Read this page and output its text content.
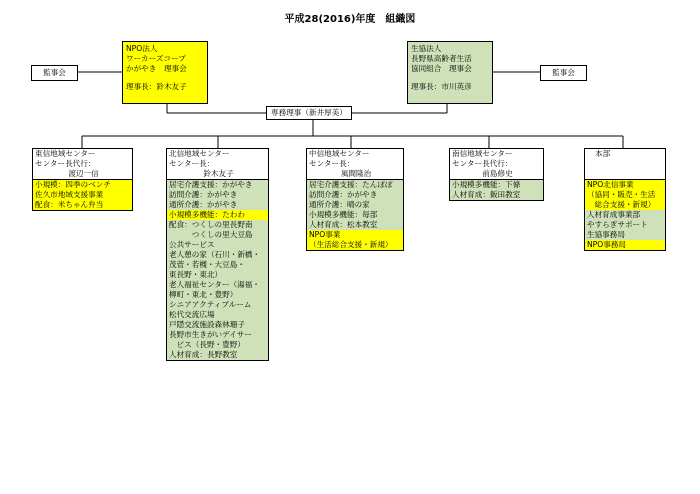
平成28(2016)年度　組織図
監事会	監事会
NPO法人
ワーカーズコープ
かがやき　理事会
理事長：鈴木友子
生協法人
長野県高齢者生活
協同組合　理事会
理事長：市川英彦
専務理事（新井厚美）
東信地域センター
センター長代行：
渡辺一信
小規模：四季のベンチ
佐久市地域支援事業
配食：米ちゃん弁当
北信地域センター
センター長：
鈴木友子
居宅介護支援：かがやき
訪問介護：かがやき
通所介護：かがやき
小規模多機能：たわわ
配食：つくしの里長野南
　　　つくしの里大豆島
公共サービス
老人憩の家（石川・新橋・
茂菅・若槻・大豆島・
東長野・東北）
老人福祉センター（湯福・
柳町・東北・豊野）
シニアアクティブルーム
松代交流広場
戸隠交流施設森林珊子
長野市生きがいデイサー
　ビス（長野・豊野）
人材育成：長野教室
中信地域センター
センター長：
風間隆治
居宅介護支援：たんぽぽ
訪問介護：かがやき
通所介護：晴の家
小規模多機能：毎部
人材育成：松本教室
NPO事業
（生活総合支援・新規）
南信地域センター
センター長代行：
前島修史
小規模多機能：下條
人材育成：飯田教室
本部
NPO北信事業
（協同・販売・生活
　総合支援・新規）
人材育成事業部
やすらぎサポート
生協事務局
NPO事務局
